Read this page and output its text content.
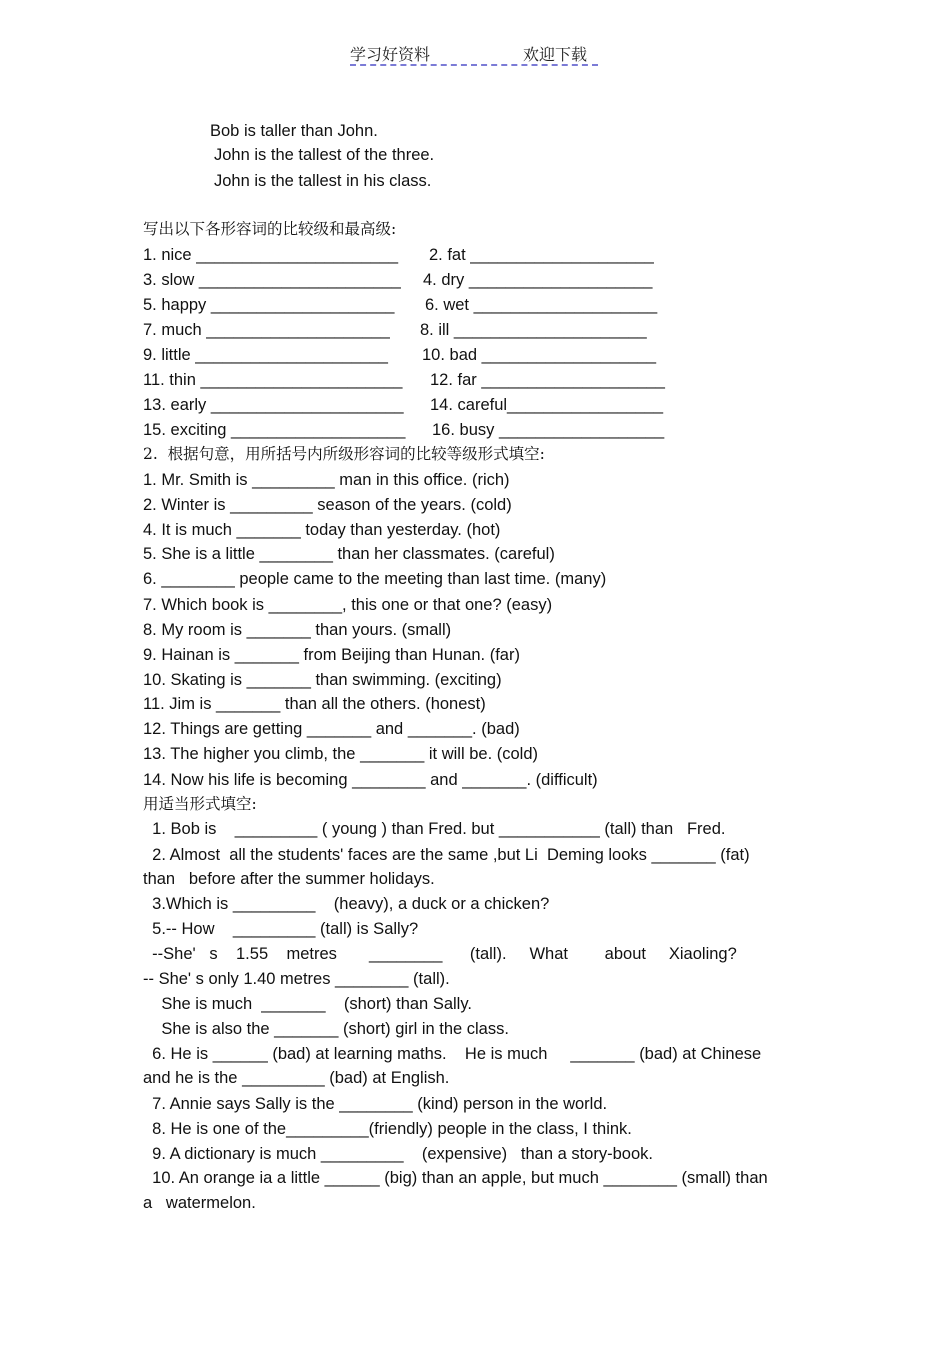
学习好资料	欢迎下载
Bob is taller than John.
John is the tallest of the three.
John is the tallest in his class.
写出以下各形容词的比较级和最高级:
1. nice ______________________ 2. fat ____________________
3. slow ______________________ 4. dry ____________________
5. happy ____________________ 6. wet ____________________
7. much ____________________ 8. ill _____________________
9. little _____________________ 10. bad ___________________
11. thin ______________________ 12. far ____________________
13. early _____________________ 14. careful_________________
15. exciting ___________________ 16. busy __________________
2.  根据句意，用所括号内所级形容词的比较等级形式填空:
1. Mr. Smith is _________ man in this office. (rich)
2. Winter is _________ season of the years. (cold)
4. It is much _______ today than yesterday. (hot)
5. She is a little ________ than her classmates. (careful)
6. ________ people came to the meeting than last time. (many)
7. Which book is ________, this one or that one? (easy)
8. My room is _______ than yours. (small)
9. Hainan is _______ from Beijing than Hunan. (far)
10. Skating is _______ than swimming. (exciting)
11. Jim is _______ than all the others. (honest)
12. Things are getting _______ and _______. (bad)
13. The higher you climb, the _______ it will be. (cold)
14. Now his life is becoming ________ and _______. (difficult)
用适当形式填空:
1. Bob is    _________ ( young ) than Fred. but ___________ (tall) than   Fred.
2. Almost  all the students' faces are the same ,but Li  Deming looks _______ (fat)
than   before after the summer holidays.
3.Which is _________    (heavy), a duck or a chicken?
5.-- How    _________ (tall) is Sally?
--She'   s    1.55    metres       ________      (tall).     What        about     Xiaoling?
-- She' s only 1.40 metres ________ (tall).
She is much  _______    (short) than Sally.
She is also the _______ (short) girl in the class.
6. He is ______ (bad) at learning maths.    He is much     _______ (bad) at Chinese
and he is the _________ (bad) at English.
7. Annie says Sally is the ________ (kind) person in the world.
8. He is one of the_________(friendly) people in the class, I think.
9. A dictionary is much _________    (expensive)   than a story-book.
10. An orange ia a little ______ (big) than an apple, but much ________ (small) than
a   watermelon.
